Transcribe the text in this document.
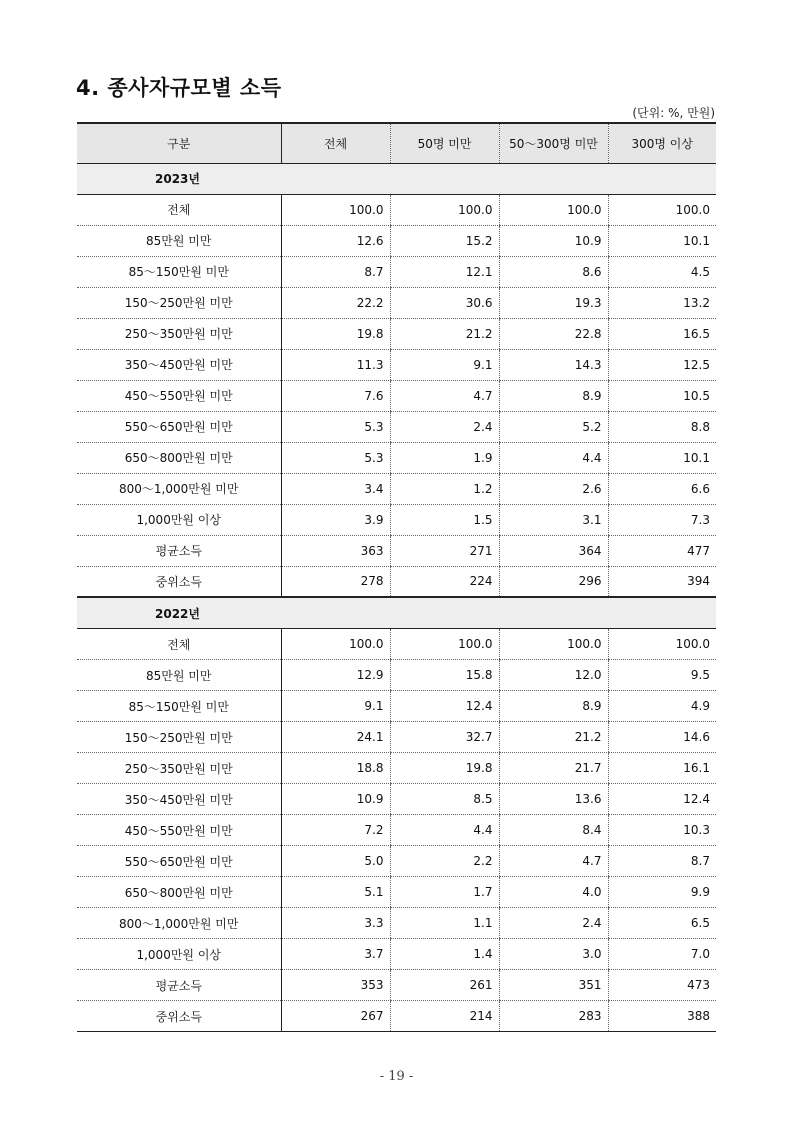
4. 종사자규모별 소득
(단위: %, 만원)
구분	전체	50명 미만	50～300명 미만	300명 이상
2023년				
전체	100.0	100.0	100.0	100.0
85만원 미만	12.6	15.2	10.9	10.1
85～150만원 미만	8.7	12.1	8.6	4.5
150～250만원 미만	22.2	30.6	19.3	13.2
250～350만원 미만	19.8	21.2	22.8	16.5
350～450만원 미만	11.3	9.1	14.3	12.5
450～550만원 미만	7.6	4.7	8.9	10.5
550～650만원 미만	5.3	2.4	5.2	8.8
650～800만원 미만	5.3	1.9	4.4	10.1
800～1,000만원 미만	3.4	1.2	2.6	6.6
1,000만원 이상	3.9	1.5	3.1	7.3
평균소득	363	271	364	477
중위소득	278	224	296	394
2022년				
전체	100.0	100.0	100.0	100.0
85만원 미만	12.9	15.8	12.0	9.5
85～150만원 미만	9.1	12.4	8.9	4.9
150～250만원 미만	24.1	32.7	21.2	14.6
250～350만원 미만	18.8	19.8	21.7	16.1
350～450만원 미만	10.9	8.5	13.6	12.4
450～550만원 미만	7.2	4.4	8.4	10.3
550～650만원 미만	5.0	2.2	4.7	8.7
650～800만원 미만	5.1	1.7	4.0	9.9
800～1,000만원 미만	3.3	1.1	2.4	6.5
1,000만원 이상	3.7	1.4	3.0	7.0
평균소득	353	261	351	473
중위소득	267	214	283	388
- 19 -
